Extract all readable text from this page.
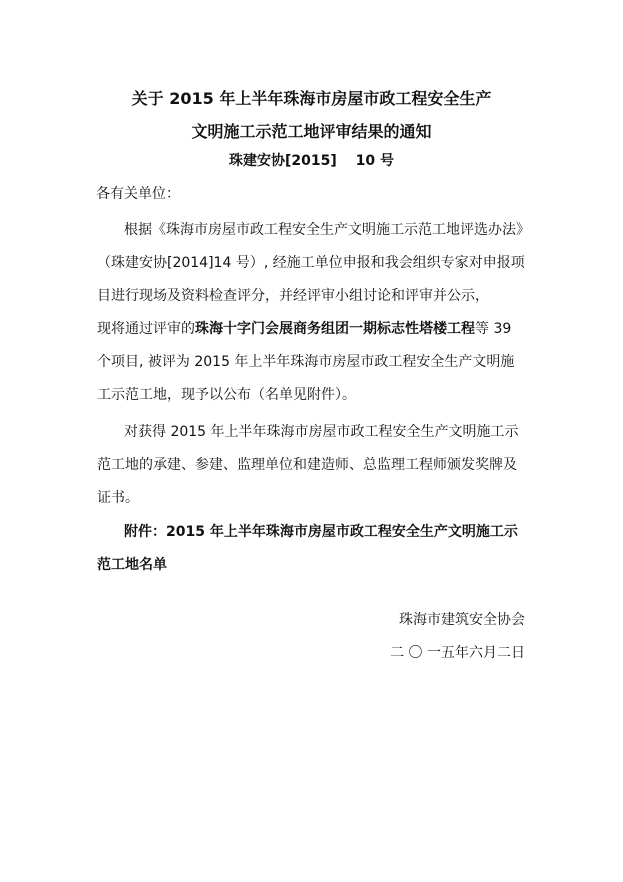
关于 2015 年上半年珠海市房屋市政工程安全生产
文明施工示范工地评审结果的通知
珠建安协[2015]　 10 号
各有关单位：
根据《珠海市房屋市政工程安全生产文明施工示范工地评选办法》
（珠建安协[2014]14 号）, 经施工单位申报和我会组织专家对申报项
目进行现场及资料检查评分，并经评审小组讨论和评审并公示，
现将通过评审的珠海十字门会展商务组团一期标志性塔楼工程等 39
个项目, 被评为 2015 年上半年珠海市房屋市政工程安全生产文明施
工示范工地，现予以公布（名单见附件）。
对获得 2015 年上半年珠海市房屋市政工程安全生产文明施工示
范工地的承建、参建、监理单位和建造师、总监理工程师颁发奖牌及
证书。
附件：2015 年上半年珠海市房屋市政工程安全生产文明施工示
范工地名单
珠海市建筑安全协会
二 〇 一五年六月二日
